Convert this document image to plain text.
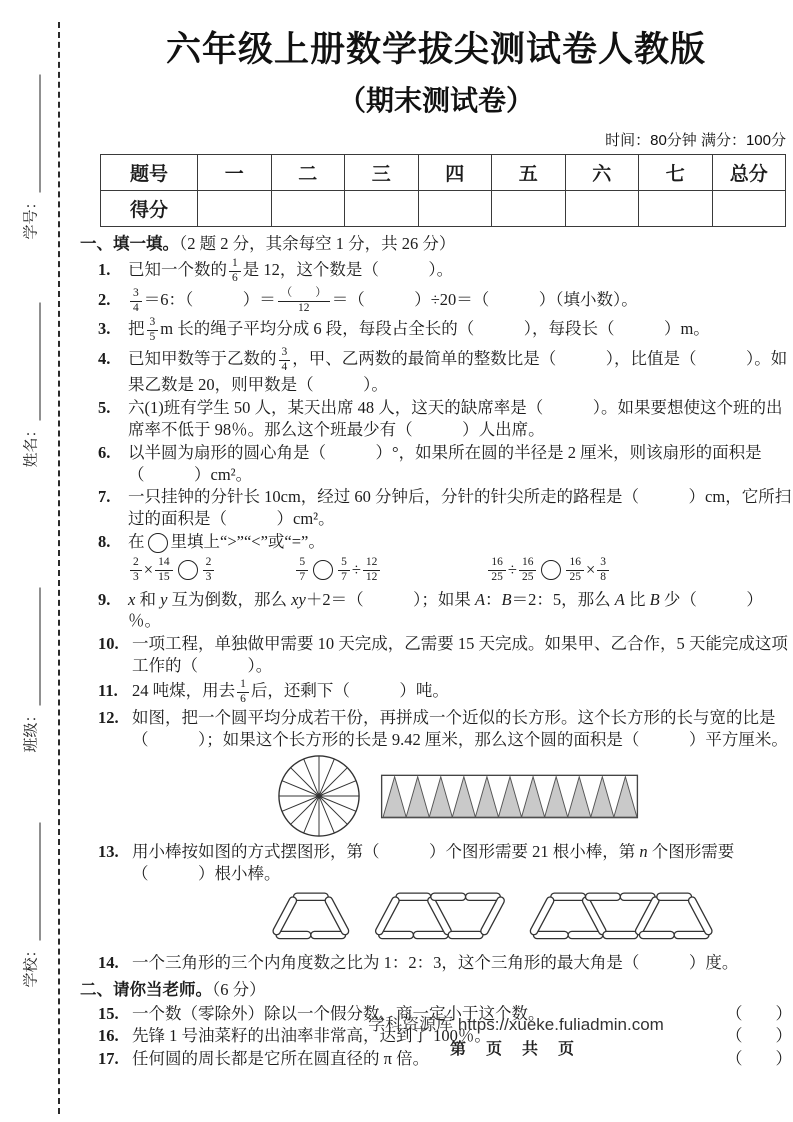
学号：
姓名：
班级：
学校：
六年级上册数学拔尖测试卷人教版
（期末测试卷）
时间：80分钟 满分：100分
题号	一	二	三	四	五	六	七	总分
得分								
一、填一填。（2 题 2 分，其余每空 1 分，共 26 分）
1.	已知一个数的 $\frac{1}{6}$ 是 12，这个数是（　　　）。
2.	$\frac{3}{4} =6$：（　　　）＝ $\frac{( )}{12}$ ＝（　　　）÷20＝（　　　）（填小数）。
3.	把 $\frac{3}{5}$ m 长的绳子平均分成 6 段，每段占全长的（　　　），每段长（　　　）m。
4.	已知甲数等于乙数的 $\frac{3}{4}$ ，甲、乙两数的最简单的整数比是（　　　），比值是（　　　）。如果乙数是 20，则甲数是（　　　）。
5.	六(1)班有学生 50 人，某天出席 48 人，这天的缺席率是（　　　）。如果要想使这个班的出席率不低于 98％。那么这个班最少有（　　　）人出席。
6.	以半圆为扇形的圆心角是（　　　）°，如果所在圆的半径是 2 厘米，则该扇形的面积是（　　　）cm²。
7.	一只挂钟的分针长 10cm，经过 60 分钟后，分针的针尖所走的路程是（　　　）cm，它所扫过的面积是（　　　）cm²。
8.	在 里填上“>”“<”或“=”。
$\frac{2}{3} \times \frac{14}{15}$	$\frac{2}{3}$	$\frac{5}{7}$	$\frac{5}{7} \div \frac{12}{12}$	$\frac{16}{25} \div \frac{16}{25}$	$\frac{16}{25} \times \frac{3}{8}$
9.	x 和 y 互为倒数，那么 xy＋2＝（　　　）；如果 A：B＝2：5，那么 A 比 B 少（　　　）％。
10. 一项工程，单独做甲需要 10 天完成，乙需要 15 天完成。如果甲、乙合作，5 天能完成这项工作的（　　　）。
11. 24 吨煤，用去 $\frac{1}{6}$ 后，还剩下（　　　）吨。
12. 如图，把一个圆平均分成若干份，再拼成一个近似的长方形。这个长方形的长与宽的比是（　　　）；如果这个长方形的长是 9.42 厘米，那么这个圆的面积是（　　　）平方厘米。
13. 用小棒按如图的方式摆图形，第（　　　）个图形需要 21 根小棒，第 n 个图形需要（　　　）根小棒。
14. 一个三角形的三个内角度数之比为 1：2：3，这个三角形的最大角是（　　　）度。
二、请你当老师。（6 分）
15. 一个数（零除外）除以一个假分数，商一定小于这个数。	（　　）
16. 先锋 1 号油菜籽的出油率非常高，达到了 100％。	（　　）
17. 任何圆的周长都是它所在圆直径的 π 倍。	（　　）
学科资源库 https://xueke.fuliadmin.com
第 页 共 页
